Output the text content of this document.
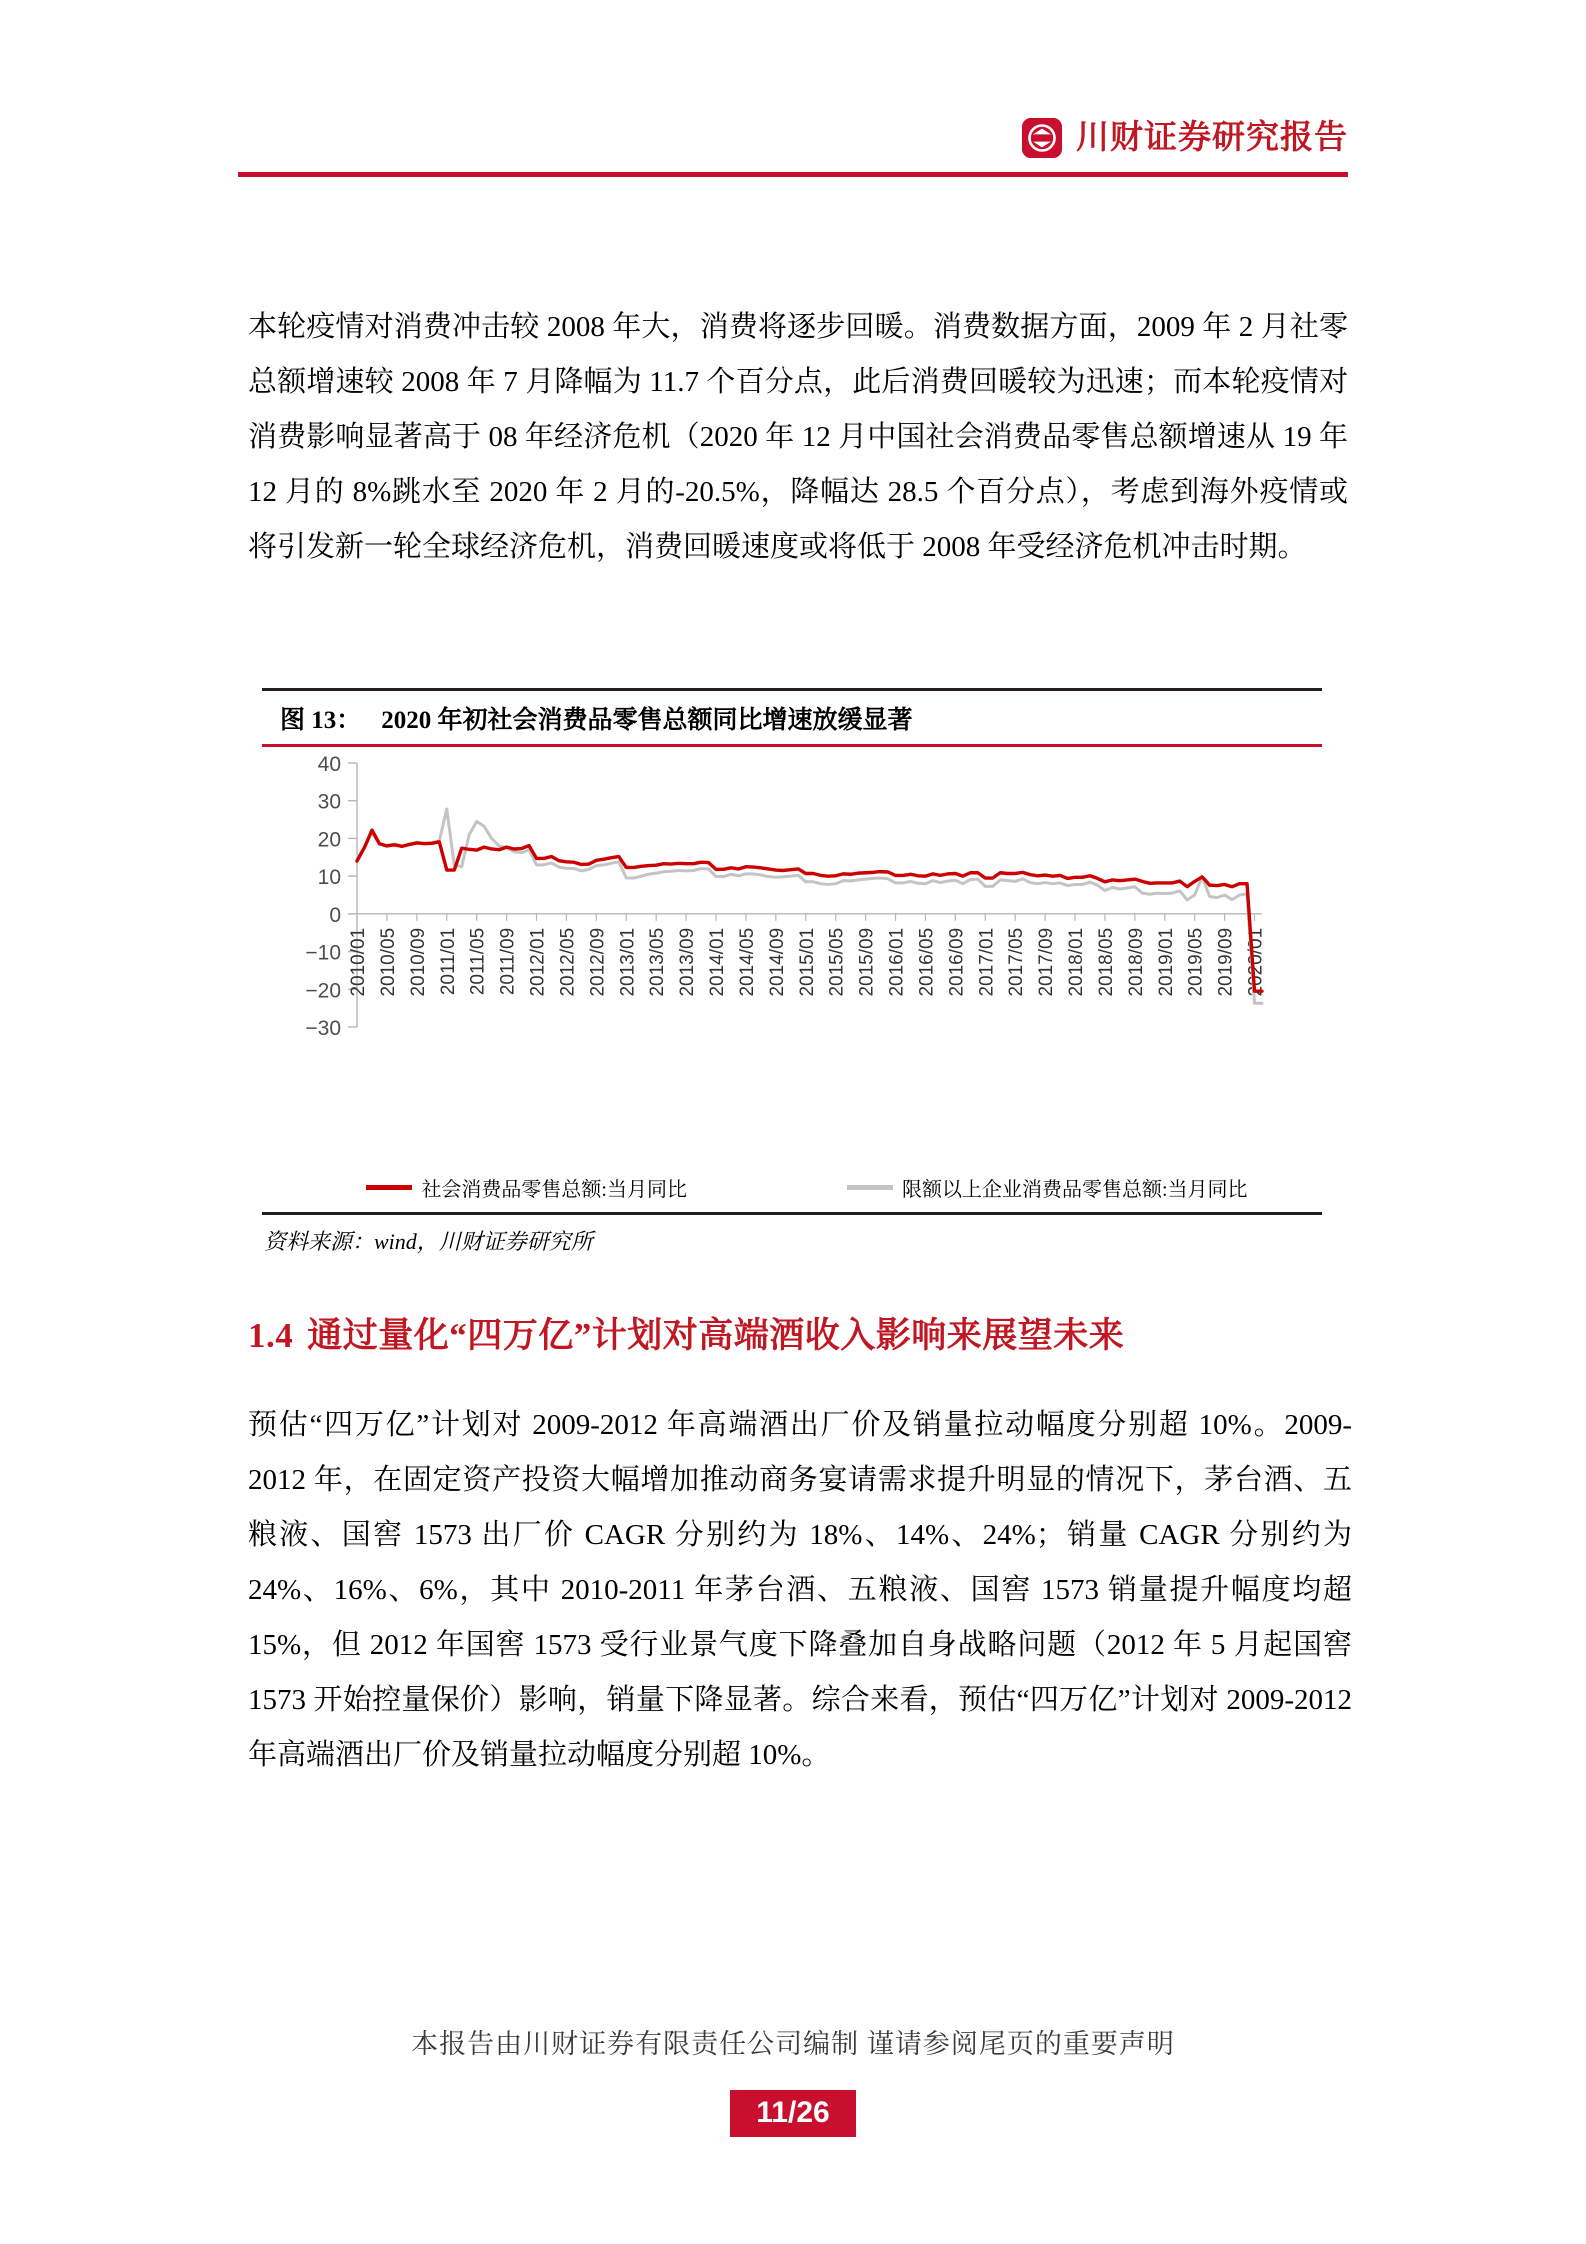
川财证券研究报告

本轮疫情对消费冲击较 2008 年大，消费将逐步回暖。消费数据方面，2009 年 2 月社零总额增速较 2008 年 7 月降幅为 11.7 个百分点，此后消费回暖较为迅速；而本轮疫情对消费影响显著高于 08 年经济危机（2020 年 12 月中国社会消费品零售总额增速从 19 年 12 月的 8%跳水至 2020 年 2 月的-20.5%，降幅达 28.5 个百分点），考虑到海外疫情或将引发新一轮全球经济危机，消费回暖速度或将低于 2008 年受经济危机冲击时期。

图 13： 2020 年初社会消费品零售总额同比增速放缓显著
40
30
20
10
0
−10
−20
−30
2010/01 2010/05 2010/09 2011/01 2011/05 2011/09 2012/01 2012/05 2012/09 2013/01 2013/05 2013/09 2014/01 2014/05 2014/09 2015/01 2015/05 2015/09 2016/01 2016/05 2016/09 2017/01 2017/05 2017/09 2018/01 2018/05 2018/09 2019/01 2019/05 2019/09 2020/01
社会消费品零售总额:当月同比	限额以上企业消费品零售总额:当月同比
资料来源：wind，川财证券研究所
1.4 通过量化“四万亿”计划对高端酒收入影响来展望未来

预估“四万亿”计划对 2009-2012 年高端酒出厂价及销量拉动幅度分别超 10%。2009-2012 年，在固定资产投资大幅增加推动商务宴请需求提升明显的情况下，茅台酒、五粮液、国窖 1573 出厂价 CAGR 分别约为 18%、14%、24%；销量 CAGR 分别约为 24%、16%、6%，其中 2010-2011 年茅台酒、五粮液、国窖 1573 销量提升幅度均超 15%，但 2012 年国窖 1573 受行业景气度下降叠加自身战略问题（2012 年 5 月起国窖 1573 开始控量保价）影响，销量下降显著。综合来看，预估“四万亿”计划对 2009-2012 年高端酒出厂价及销量拉动幅度分别超 10%。

本报告由川财证券有限责任公司编制 谨请参阅尾页的重要声明
11/26
